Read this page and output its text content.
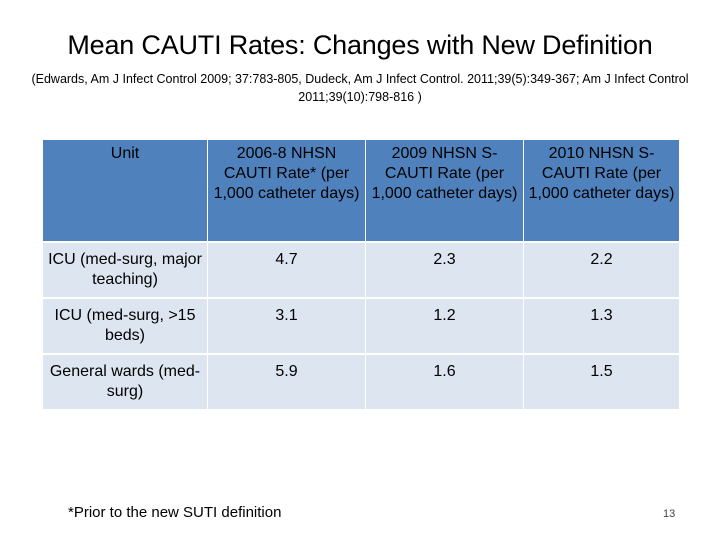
Mean CAUTI Rates: Changes with New Definition
(Edwards, Am J Infect Control 2009; 37:783-805, Dudeck, Am J Infect Control. 2011;39(5):349-367; Am J Infect Control 2011;39(10):798-816 )
Unit	2006-8 NHSN CAUTI Rate* (per 1,000 catheter days)	2009 NHSN S-CAUTI Rate (per 1,000 catheter days)	2010 NHSN S-CAUTI Rate (per 1,000 catheter days)
ICU (med-surg, major teaching)	4.7	2.3	2.2
ICU (med-surg, >15 beds)	3.1	1.2	1.3
General wards (med-surg)	5.9	1.6	1.5
*Prior to the new SUTI definition	13
